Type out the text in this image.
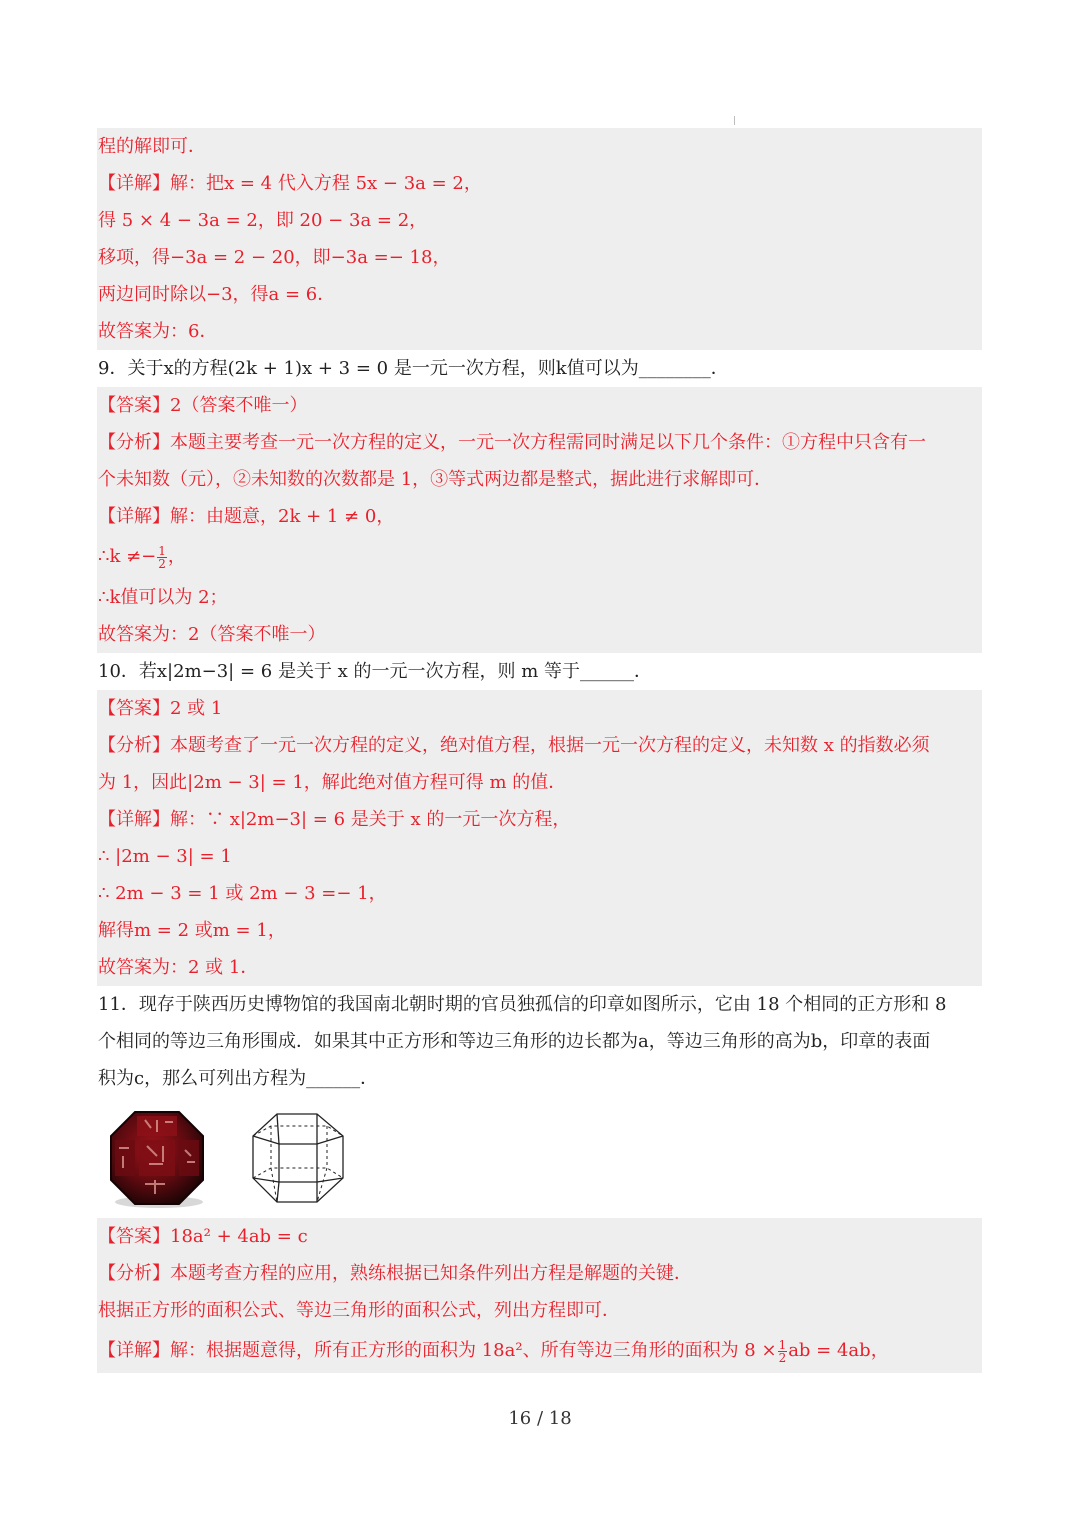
程的解即可．
【详解】解：把x = 4 代入方程 5x − 3a = 2，
得 5 × 4 − 3a = 2，即 20 − 3a = 2，
移项，得−3a = 2 − 20，即−3a =− 18，
两边同时除以−3，得a = 6．
故答案为：6．
9．关于x的方程(2k + 1)x + 3 = 0 是一元一次方程，则k值可以为________．
【答案】2（答案不唯一）
【分析】本题主要考查一元一次方程的定义，一元一次方程需同时满足以下几个条件：①方程中只含有一
个未知数（元），②未知数的次数都是 1，③等式两边都是整式，据此进行求解即可．
【详解】解：由题意，2k + 1 ≠ 0，
∴k ≠− $\frac{1}{2}$ ，
∴k值可以为 2；
故答案为：2（答案不唯一）
10．若x|2m−3| = 6 是关于 x 的一元一次方程，则 m 等于______．
【答案】2 或 1
【分析】本题考查了一元一次方程的定义，绝对值方程，根据一元一次方程的定义，未知数 x 的指数必须
为 1，因此|2m − 3| = 1，解此绝对值方程可得 m 的值．
【详解】解：∵ x|2m−3| = 6 是关于 x 的一元一次方程，
∴ |2m − 3| = 1
∴ 2m − 3 = 1 或 2m − 3 =− 1，
解得m = 2 或m = 1，
故答案为：2 或 1．
11．现存于陕西历史博物馆的我国南北朝时期的官员独孤信的印章如图所示，它由 18 个相同的正方形和 8
个相同的等边三角形围成．如果其中正方形和等边三角形的边长都为a，等边三角形的高为b，印章的表面
积为c，那么可列出方程为______．
【答案】18a² + 4ab = c
【分析】本题考查方程的应用，熟练根据已知条件列出方程是解题的关键．
根据正方形的面积公式、等边三角形的面积公式，列出方程即可．
【详解】解：根据题意得，所有正方形的面积为 18a²、所有等边三角形的面积为 $8 \times \frac{1}{2}$ ab = 4ab，
16 / 18
